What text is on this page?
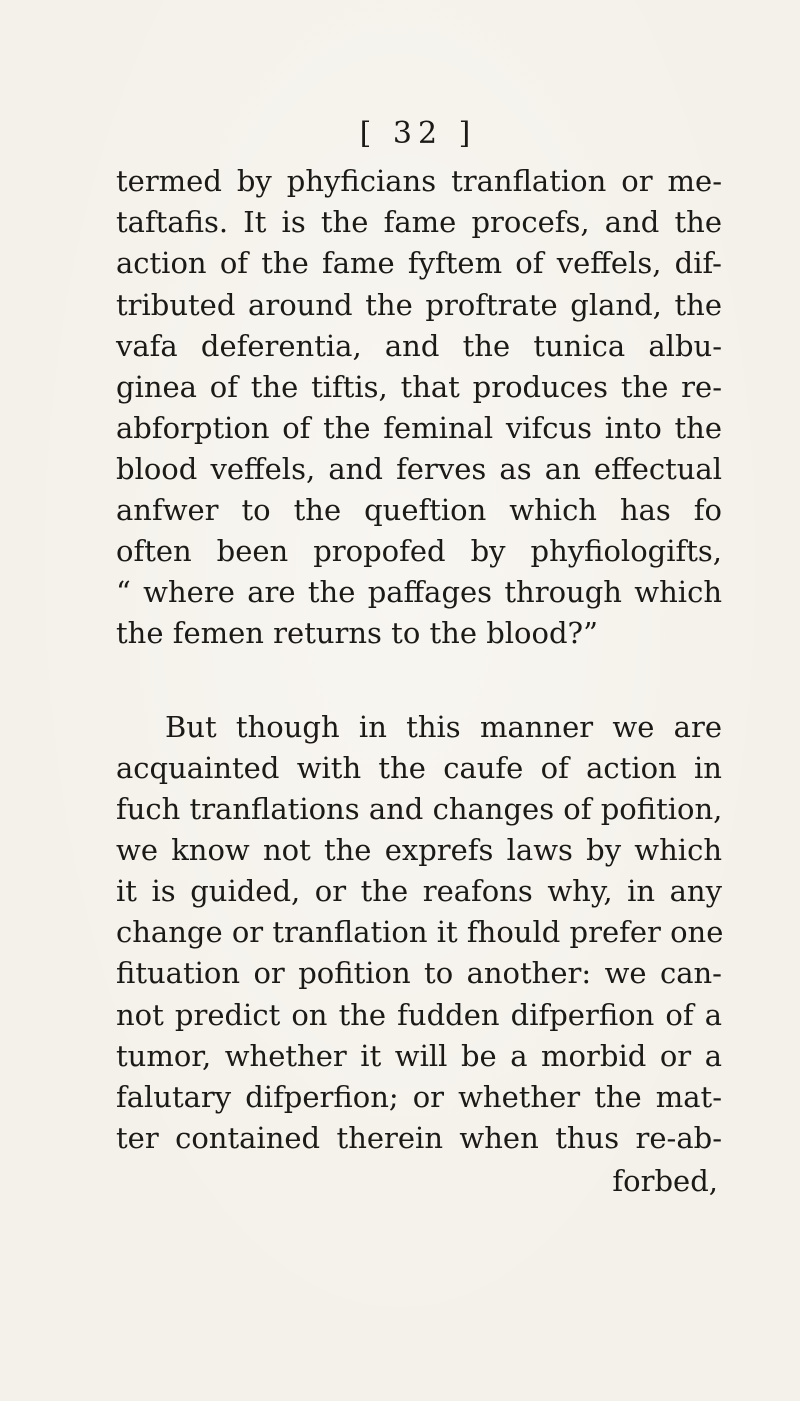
[ 32 ]
termed by phyficians tranflation or me-
taftafis. It is the fame procefs, and the
action of the fame fyftem of veffels, dif-
tributed around the proftrate gland, the
vafa deferentia, and the tunica albu-
ginea of the tiftis, that produces the re-
abforption of the feminal vifcus into the
blood veffels, and ferves as an effectual
anfwer to the queftion which has fo
often been propofed by phyfiologifts,
“ where are the paffages through which
the femen returns to the blood?”
But though in this manner we are
acquainted with the caufe of action in
fuch tranflations and changes of pofition,
we know not the exprefs laws by which
it is guided, or the reafons why, in any
change or tranflation it fhould prefer one
fituation or pofition to another: we can-
not predict on the fudden difperfion of a
tumor, whether it will be a morbid or a
falutary difperfion; or whether the mat-
ter contained therein when thus re-ab-
forbed,
